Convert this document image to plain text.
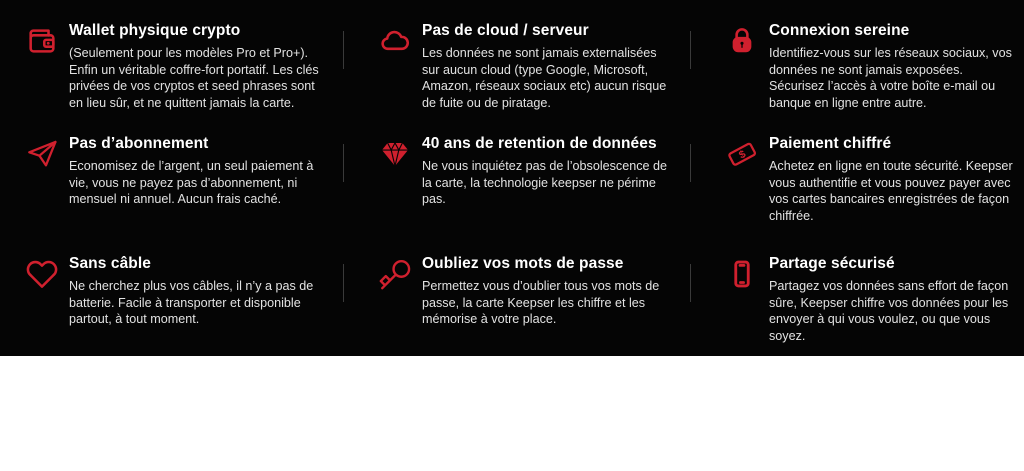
Wallet physique crypto
(Seulement pour les modèles Pro et Pro+). Enfin un véritable coffre-fort portatif. Les clés privées de vos cryptos et seed phrases sont en lieu sûr, et ne quittent jamais la carte.
Pas de cloud / serveur
Les données ne sont jamais externalisées sur aucun cloud (type Google, Microsoft, Amazon, réseaux sociaux etc) aucun risque de fuite ou de piratage.
Connexion sereine
Identifiez-vous sur les réseaux sociaux, vos données ne sont jamais exposées. Sécurisez l’accès à votre boîte e-mail ou banque en ligne entre autre.
Pas d’abonnement
Economisez de l’argent, un seul paiement à vie, vous ne payez pas d’abonnement, ni mensuel ni annuel. Aucun frais caché.
40 ans de retention de données
Ne vous inquiétez pas de l’obsolescence de la carte, la technologie keepser ne périme pas.
$
Paiement chiffré
Achetez en ligne en toute sécurité. Keepser vous authentifie et vous pouvez payer avec vos cartes bancaires enregistrées de façon chiffrée.
Sans câble
Ne cherchez plus vos câbles, il n’y a pas de batterie. Facile à transporter et disponible partout, à tout moment.
Oubliez vos mots de passe
Permettez vous d’oublier tous vos mots de passe, la carte Keepser les chiffre et les mémorise à votre place.
Partage sécurisé
Partagez vos données sans effort de façon sûre, Keepser chiffre vos données pour les envoyer à qui vous voulez, ou que vous soyez.
